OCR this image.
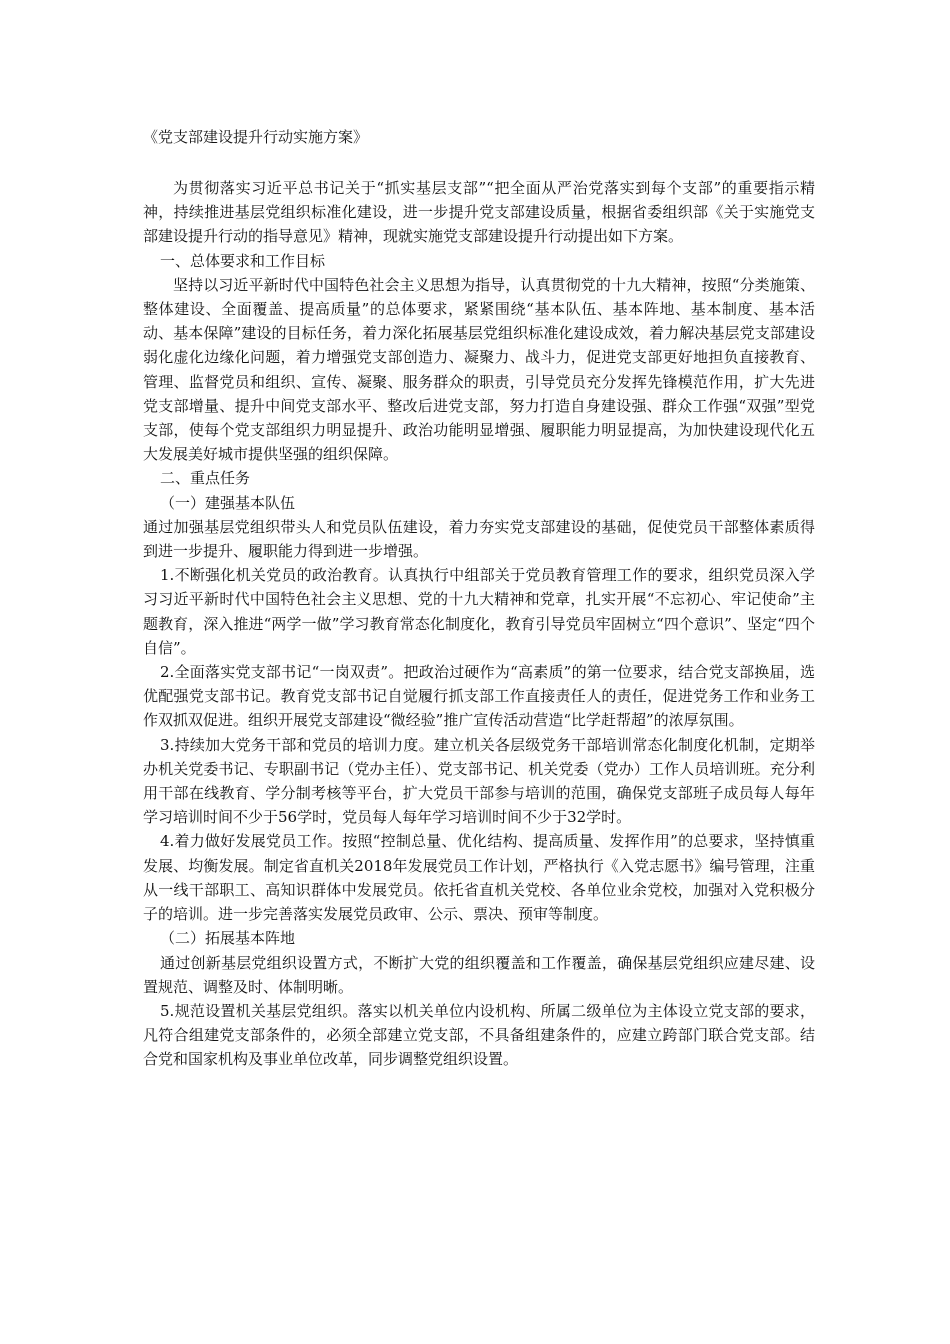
《党支部建设提升行动实施方案》

为贯彻落实习近平总书记关于“抓实基层支部”“把全面从严治党落实到每个支部”的重要指示精神，持续推进基层党组织标准化建设，进一步提升党支部建设质量，根据省委组织部《关于实施党支部建设提升行动的指导意见》精神，现就实施党支部建设提升行动提出如下方案。

一、总体要求和工作目标

坚持以习近平新时代中国特色社会主义思想为指导，认真贯彻党的十九大精神，按照“分类施策、整体建设、全面覆盖、提高质量”的总体要求，紧紧围绕“基本队伍、基本阵地、基本制度、基本活动、基本保障”建设的目标任务，着力深化拓展基层党组织标准化建设成效，着力解决基层党支部建设弱化虚化边缘化问题，着力增强党支部创造力、凝聚力、战斗力，促进党支部更好地担负直接教育、管理、监督党员和组织、宣传、凝聚、服务群众的职责，引导党员充分发挥先锋模范作用，扩大先进党支部增量、提升中间党支部水平、整改后进党支部，努力打造自身建设强、群众工作强“双强”型党支部，使每个党支部组织力明显提升、政治功能明显增强、履职能力明显提高，为加快建设现代化五大发展美好城市提供坚强的组织保障。

二、重点任务

（一）建强基本队伍

通过加强基层党组织带头人和党员队伍建设，着力夯实党支部建设的基础，促使党员干部整体素质得到进一步提升、履职能力得到进一步增强。

1.不断强化机关党员的政治教育。认真执行中组部关于党员教育管理工作的要求，组织党员深入学习习近平新时代中国特色社会主义思想、党的十九大精神和党章，扎实开展“不忘初心、牢记使命”主题教育，深入推进“两学一做”学习教育常态化制度化，教育引导党员牢固树立“四个意识”、坚定“四个自信”。

2.全面落实党支部书记“一岗双责”。把政治过硬作为“高素质”的第一位要求，结合党支部换届，选优配强党支部书记。教育党支部书记自觉履行抓支部工作直接责任人的责任，促进党务工作和业务工作双抓双促进。组织开展党支部建设“微经验”推广宣传活动营造“比学赶帮超”的浓厚氛围。

3.持续加大党务干部和党员的培训力度。建立机关各层级党务干部培训常态化制度化机制，定期举办机关党委书记、专职副书记（党办主任）、党支部书记、机关党委（党办）工作人员培训班。充分利用干部在线教育、学分制考核等平台，扩大党员干部参与培训的范围，确保党支部班子成员每人每年学习培训时间不少于56学时，党员每人每年学习培训时间不少于32学时。

4.着力做好发展党员工作。按照“控制总量、优化结构、提高质量、发挥作用”的总要求，坚持慎重发展、均衡发展。制定省直机关2018年发展党员工作计划，严格执行《入党志愿书》编号管理，注重从一线干部职工、高知识群体中发展党员。依托省直机关党校、各单位业余党校，加强对入党积极分子的培训。进一步完善落实发展党员政审、公示、票决、预审等制度。

（二）拓展基本阵地

通过创新基层党组织设置方式，不断扩大党的组织覆盖和工作覆盖，确保基层党组织应建尽建、设置规范、调整及时、体制明晰。

5.规范设置机关基层党组织。落实以机关单位内设机构、所属二级单位为主体设立党支部的要求，凡符合组建党支部条件的，必须全部建立党支部，不具备组建条件的，应建立跨部门联合党支部。结合党和国家机构及事业单位改革，同步调整党组织设置。
